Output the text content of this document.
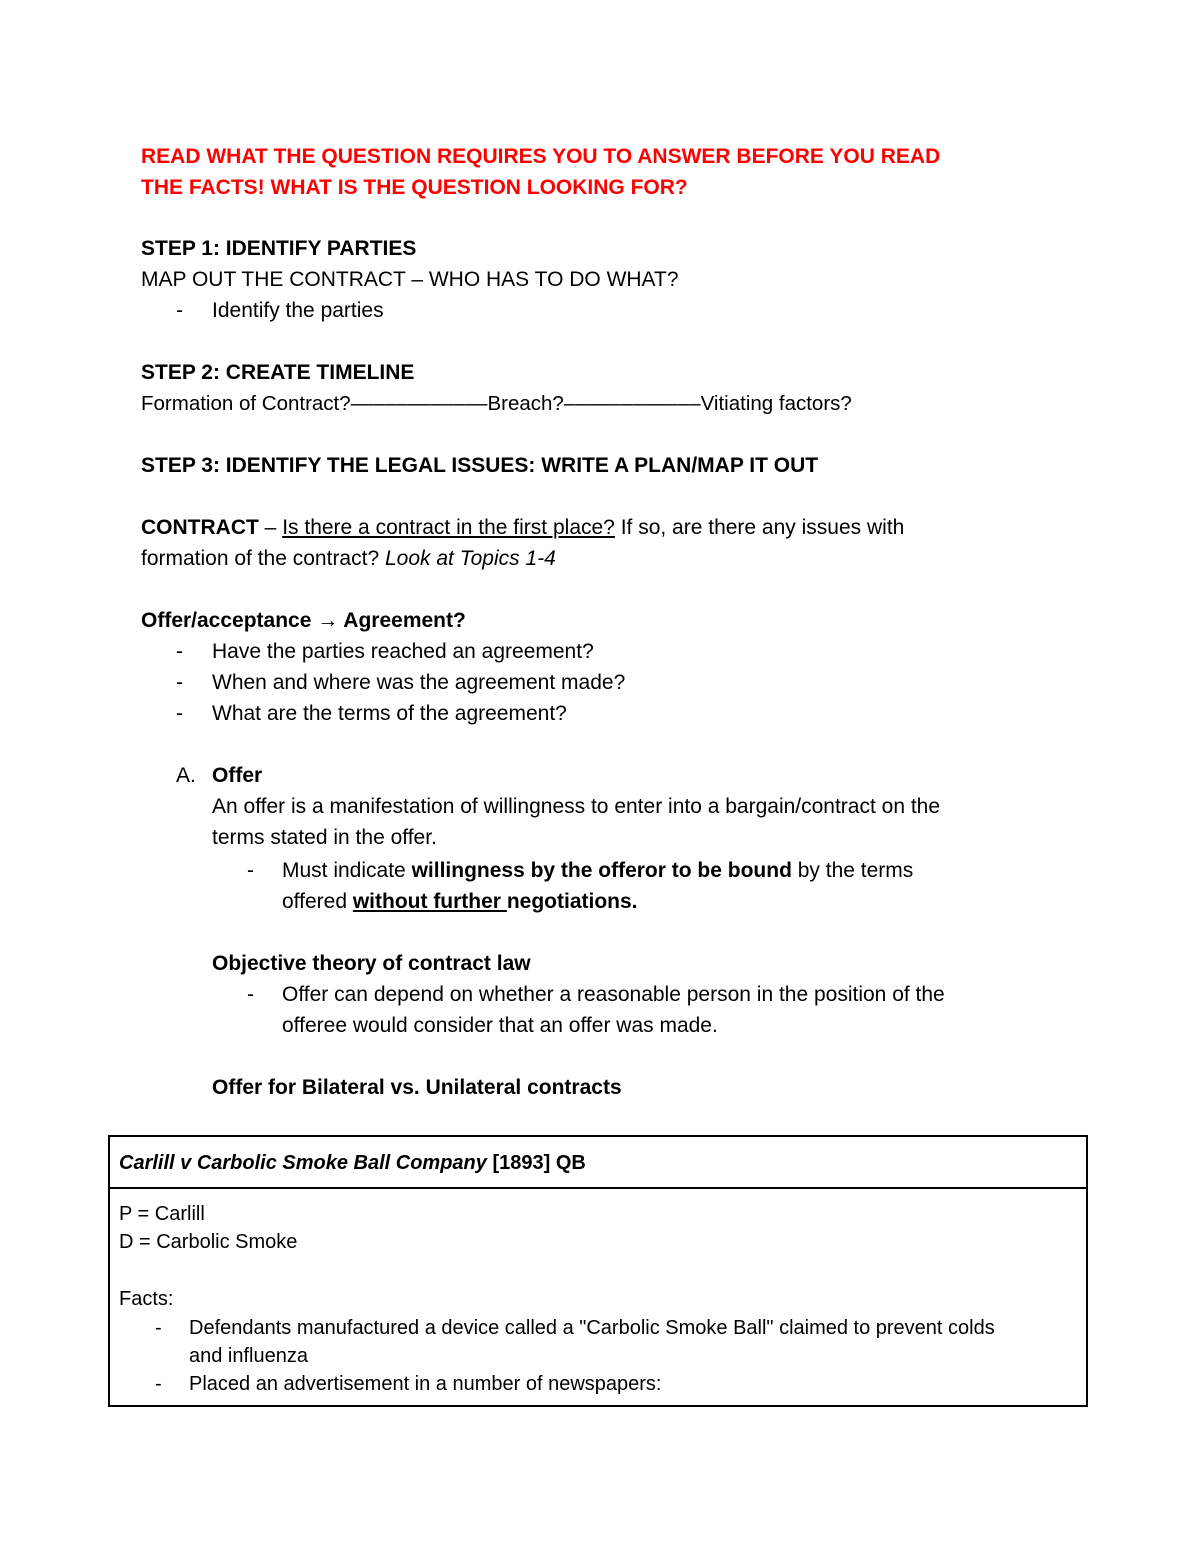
READ WHAT THE QUESTION REQUIRES YOU TO ANSWER BEFORE YOU READ
THE FACTS! WHAT IS THE QUESTION LOOKING FOR?
STEP 1: IDENTIFY PARTIES
MAP OUT THE CONTRACT – WHO HAS TO DO WHAT?
- Identify the parties
STEP 2: CREATE TIMELINE
Formation of Contract?––––––––––––Breach?––––––––––––Vitiating factors?
STEP 3: IDENTIFY THE LEGAL ISSUES: WRITE A PLAN/MAP IT OUT
CONTRACT – Is there a contract in the first place? If so, are there any issues with
formation of the contract? Look at Topics 1-4
Offer/acceptance → Agreement?
- Have the parties reached an agreement?
- When and where was the agreement made?
- What are the terms of the agreement?
A. Offer
An offer is a manifestation of willingness to enter into a bargain/contract on the
terms stated in the offer.
- Must indicate willingness by the offeror to be bound by the terms
offered without further negotiations.
Objective theory of contract law
- Offer can depend on whether a reasonable person in the position of the
offeree would consider that an offer was made.
Offer for Bilateral vs. Unilateral contracts
Carlill v Carbolic Smoke Ball Company [1893] QB
P = Carlill
D = Carbolic Smoke
Facts:
- Defendants manufactured a device called a "Carbolic Smoke Ball" claimed to prevent colds
and influenza
- Placed an advertisement in a number of newspapers:
